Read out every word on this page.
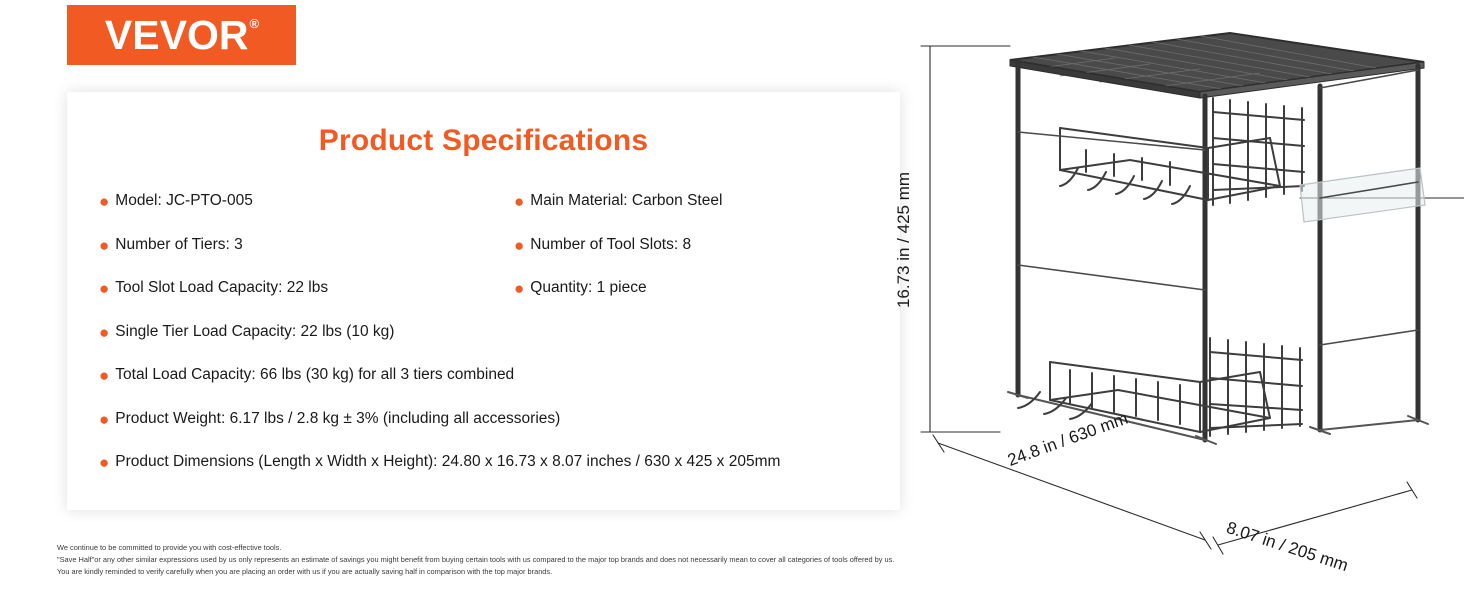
VEVOR®
Product Specifications
● Model: JC-PTO-005	● Main Material: Carbon Steel
● Number of Tiers: 3	● Number of Tool Slots: 8
● Tool Slot Load Capacity: 22 lbs	● Quantity: 1 piece
● Single Tier Load Capacity: 22 lbs (10 kg)
● Total Load Capacity: 66 lbs (30 kg) for all 3 tiers combined
● Product Weight: 6.17 lbs / 2.8 kg ± 3% (including all accessories)
● Product Dimensions (Length x Width x Height): 24.80 x 16.73 x 8.07 inches / 630 x 425 x 205mm
We continue to be committed to provide you with cost-effective tools.
"Save Half"or any other similar expressions used by us only represents an estimate of savings you might benefit from buying certain tools with us compared to the major top brands and does not necessarily mean to cover all categories of tools offered by us.
You are kindly reminded to verify carefully when you are placing an order with us if you are actually saving half in comparison with the top major brands.
16.73 in / 425 mm
24.8 in / 630 mm
8.07 in / 205 mm
